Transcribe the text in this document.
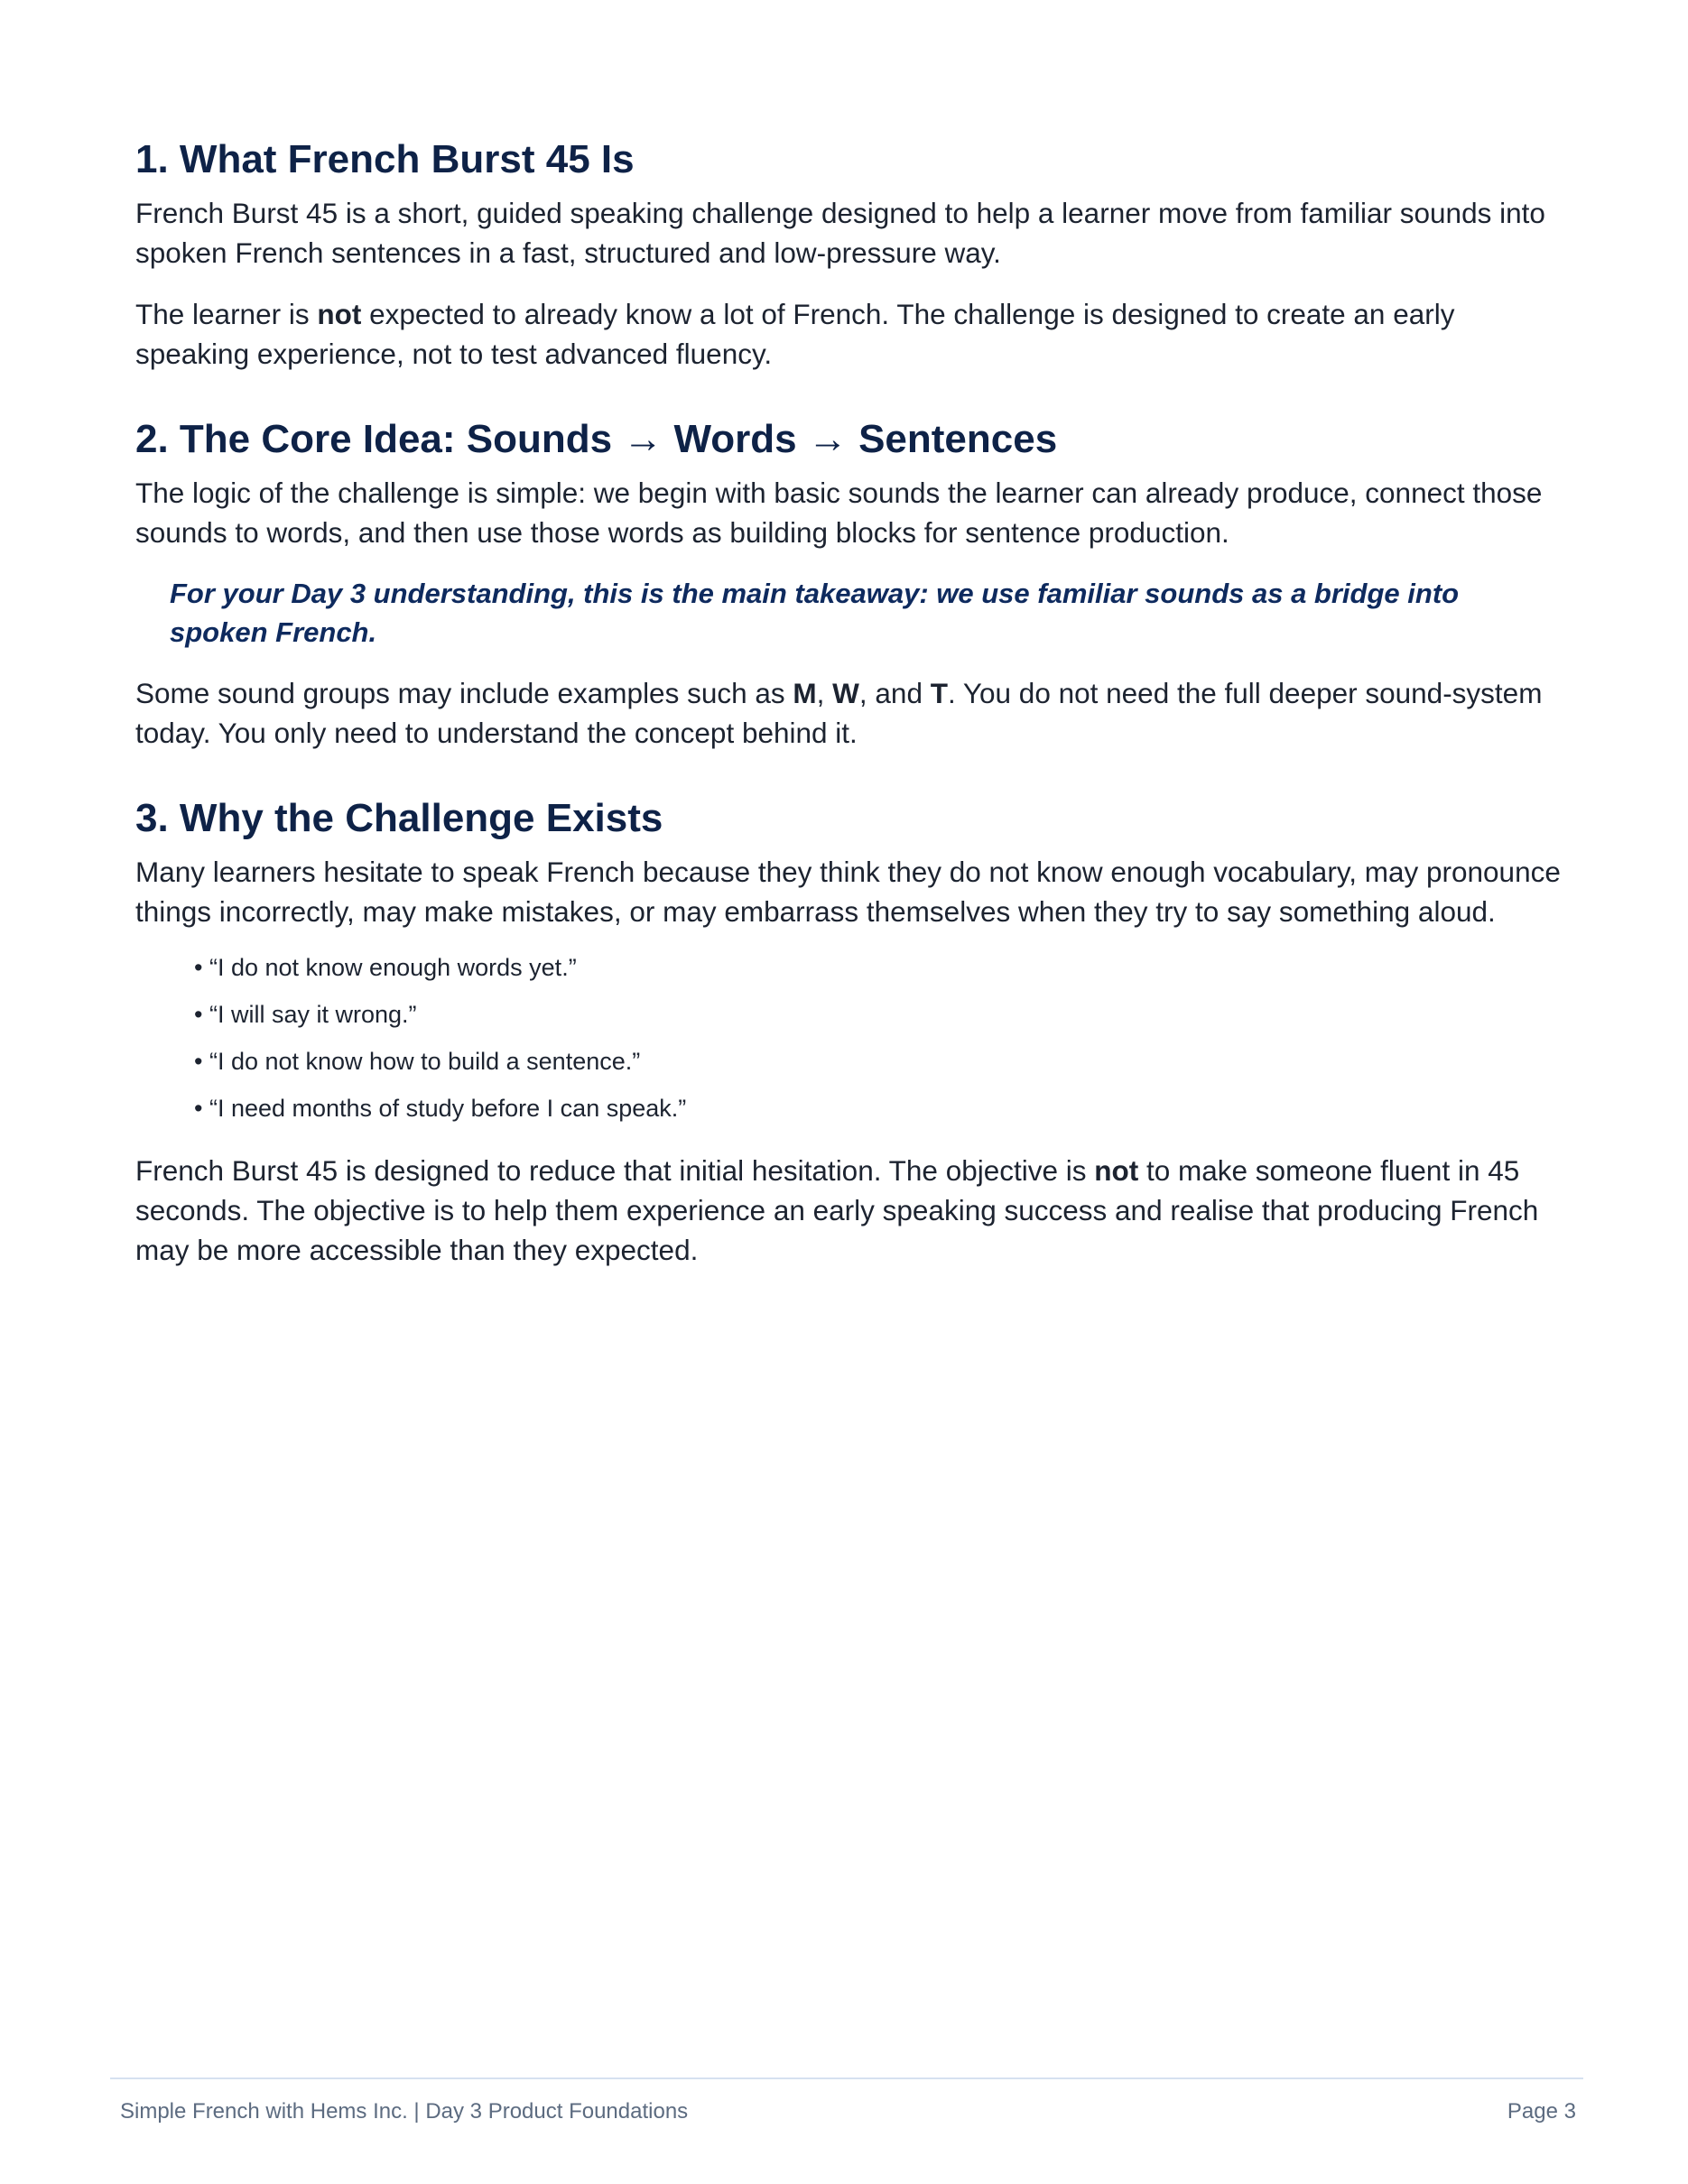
1. What French Burst 45 Is

French Burst 45 is a short, guided speaking challenge designed to help a learner move from familiar sounds into spoken French sentences in a fast, structured and low-pressure way.

The learner is not expected to already know a lot of French. The challenge is designed to create an early speaking experience, not to test advanced fluency.

2. The Core Idea: Sounds → Words → Sentences

The logic of the challenge is simple: we begin with basic sounds the learner can already produce, connect those sounds to words, and then use those words as building blocks for sentence production.

For your Day 3 understanding, this is the main takeaway: we use familiar sounds as a bridge into spoken French.

Some sound groups may include examples such as M, W, and T. You do not need the full deeper sound-system today. You only need to understand the concept behind it.

3. Why the Challenge Exists

Many learners hesitate to speak French because they think they do not know enough vocabulary, may pronounce things incorrectly, may make mistakes, or may embarrass themselves when they try to say something aloud.

• “I do not know enough words yet.”
• “I will say it wrong.”
• “I do not know how to build a sentence.”
• “I need months of study before I can speak.”

French Burst 45 is designed to reduce that initial hesitation. The objective is not to make someone fluent in 45 seconds. The objective is to help them experience an early speaking success and realise that producing French may be more accessible than they expected.

Simple French with Hems Inc. | Day 3 Product Foundations	Page 3
